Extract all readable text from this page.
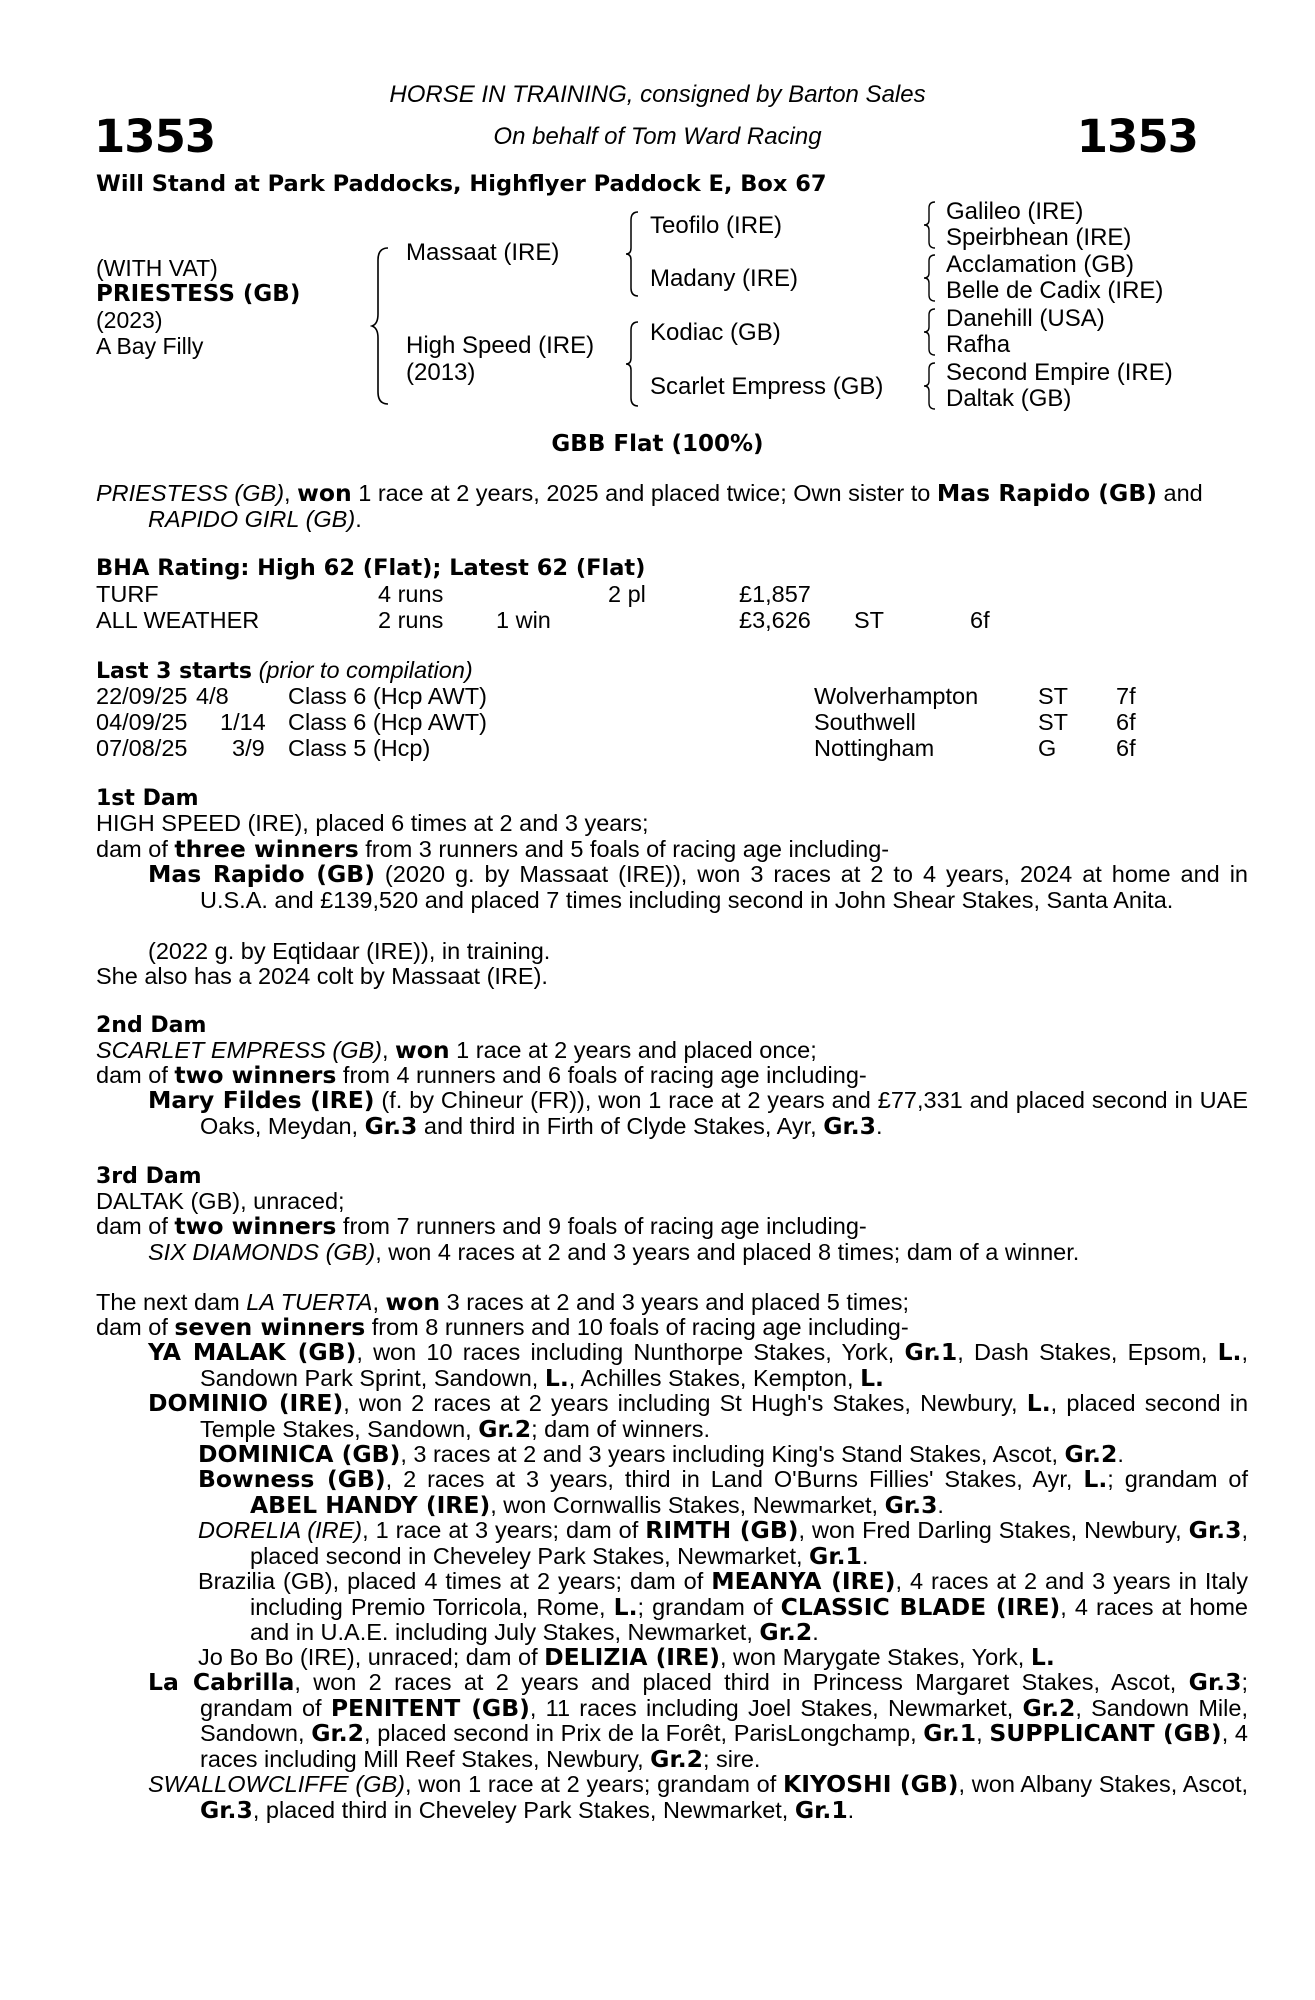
1353	1353
HORSE IN TRAINING, consigned by Barton Sales
On behalf of Tom Ward Racing
Will Stand at Park Paddocks, Highflyer Paddock E, Box 67
(WITH VAT)
PRIESTESS (GB)
(2023)
A Bay Filly
Massaat (IRE)
High Speed (IRE)
(2013)
Teofilo (IRE)
Madany (IRE)
Kodiac (GB)
Scarlet Empress (GB)
Galileo (IRE)
Speirbhean (IRE)
Acclamation (GB)
Belle de Cadix (IRE)
Danehill (USA)
Rafha
Second Empire (IRE)
Daltak (GB)
GBB Flat (100%)
PRIESTESS (GB), won 1 race at 2 years, 2025 and placed twice; Own sister to Mas Rapido (GB) and RAPIDO GIRL (GB).
BHA Rating: High 62 (Flat); Latest 62 (Flat)
TURF	4 runs	2 pl	£1,857
ALL WEATHER	2 runs 1 win	£3,626 ST	6f
Last 3 starts (prior to compilation)
22/09/25 4/8	Class 6 (Hcp AWT)	Wolverhampton	ST 7f
04/09/25 1/14 Class 6 (Hcp AWT)	Southwell	ST 6f
07/08/25 3/9 Class 5 (Hcp)	Nottingham	G	6f
1st Dam
HIGH SPEED (IRE), placed 6 times at 2 and 3 years;
dam of three winners from 3 runners and 5 foals of racing age including-
Mas Rapido (GB) (2020 g. by Massaat (IRE)), won 3 races at 2 to 4 years, 2024 at home and in U.S.A. and £139,520 and placed 7 times including second in John Shear Stakes, Santa Anita.
(2022 g. by Eqtidaar (IRE)), in training.
She also has a 2024 colt by Massaat (IRE).
2nd Dam
SCARLET EMPRESS (GB), won 1 race at 2 years and placed once;
dam of two winners from 4 runners and 6 foals of racing age including-
Mary Fildes (IRE) (f. by Chineur (FR)), won 1 race at 2 years and £77,331 and placed second in UAE Oaks, Meydan, Gr.3 and third in Firth of Clyde Stakes, Ayr, Gr.3.
3rd Dam
DALTAK (GB), unraced;
dam of two winners from 7 runners and 9 foals of racing age including-
SIX DIAMONDS (GB), won 4 races at 2 and 3 years and placed 8 times; dam of a winner.
The next dam LA TUERTA, won 3 races at 2 and 3 years and placed 5 times;
dam of seven winners from 8 runners and 10 foals of racing age including-
YA MALAK (GB), won 10 races including Nunthorpe Stakes, York, Gr.1, Dash Stakes, Epsom, L., Sandown Park Sprint, Sandown, L., Achilles Stakes, Kempton, L.
DOMINIO (IRE), won 2 races at 2 years including St Hugh's Stakes, Newbury, L., placed second in Temple Stakes, Sandown, Gr.2; dam of winners.
DOMINICA (GB), 3 races at 2 and 3 years including King's Stand Stakes, Ascot, Gr.2.
Bowness (GB), 2 races at 3 years, third in Land O'Burns Fillies' Stakes, Ayr, L.; grandam of ABEL HANDY (IRE), won Cornwallis Stakes, Newmarket, Gr.3.
DORELIA (IRE), 1 race at 3 years; dam of RIMTH (GB), won Fred Darling Stakes, Newbury, Gr.3, placed second in Cheveley Park Stakes, Newmarket, Gr.1.
Brazilia (GB), placed 4 times at 2 years; dam of MEANYA (IRE), 4 races at 2 and 3 years in Italy including Premio Torricola, Rome, L.; grandam of CLASSIC BLADE (IRE), 4 races at home and in U.A.E. including July Stakes, Newmarket, Gr.2.
Jo Bo Bo (IRE), unraced; dam of DELIZIA (IRE), won Marygate Stakes, York, L.
La Cabrilla, won 2 races at 2 years and placed third in Princess Margaret Stakes, Ascot, Gr.3; grandam of PENITENT (GB), 11 races including Joel Stakes, Newmarket, Gr.2, Sandown Mile, Sandown, Gr.2, placed second in Prix de la Forêt, ParisLongchamp, Gr.1, SUPPLICANT (GB), 4 races including Mill Reef Stakes, Newbury, Gr.2; sire.
SWALLOWCLIFFE (GB), won 1 race at 2 years; grandam of KIYOSHI (GB), won Albany Stakes, Ascot, Gr.3, placed third in Cheveley Park Stakes, Newmarket, Gr.1.
